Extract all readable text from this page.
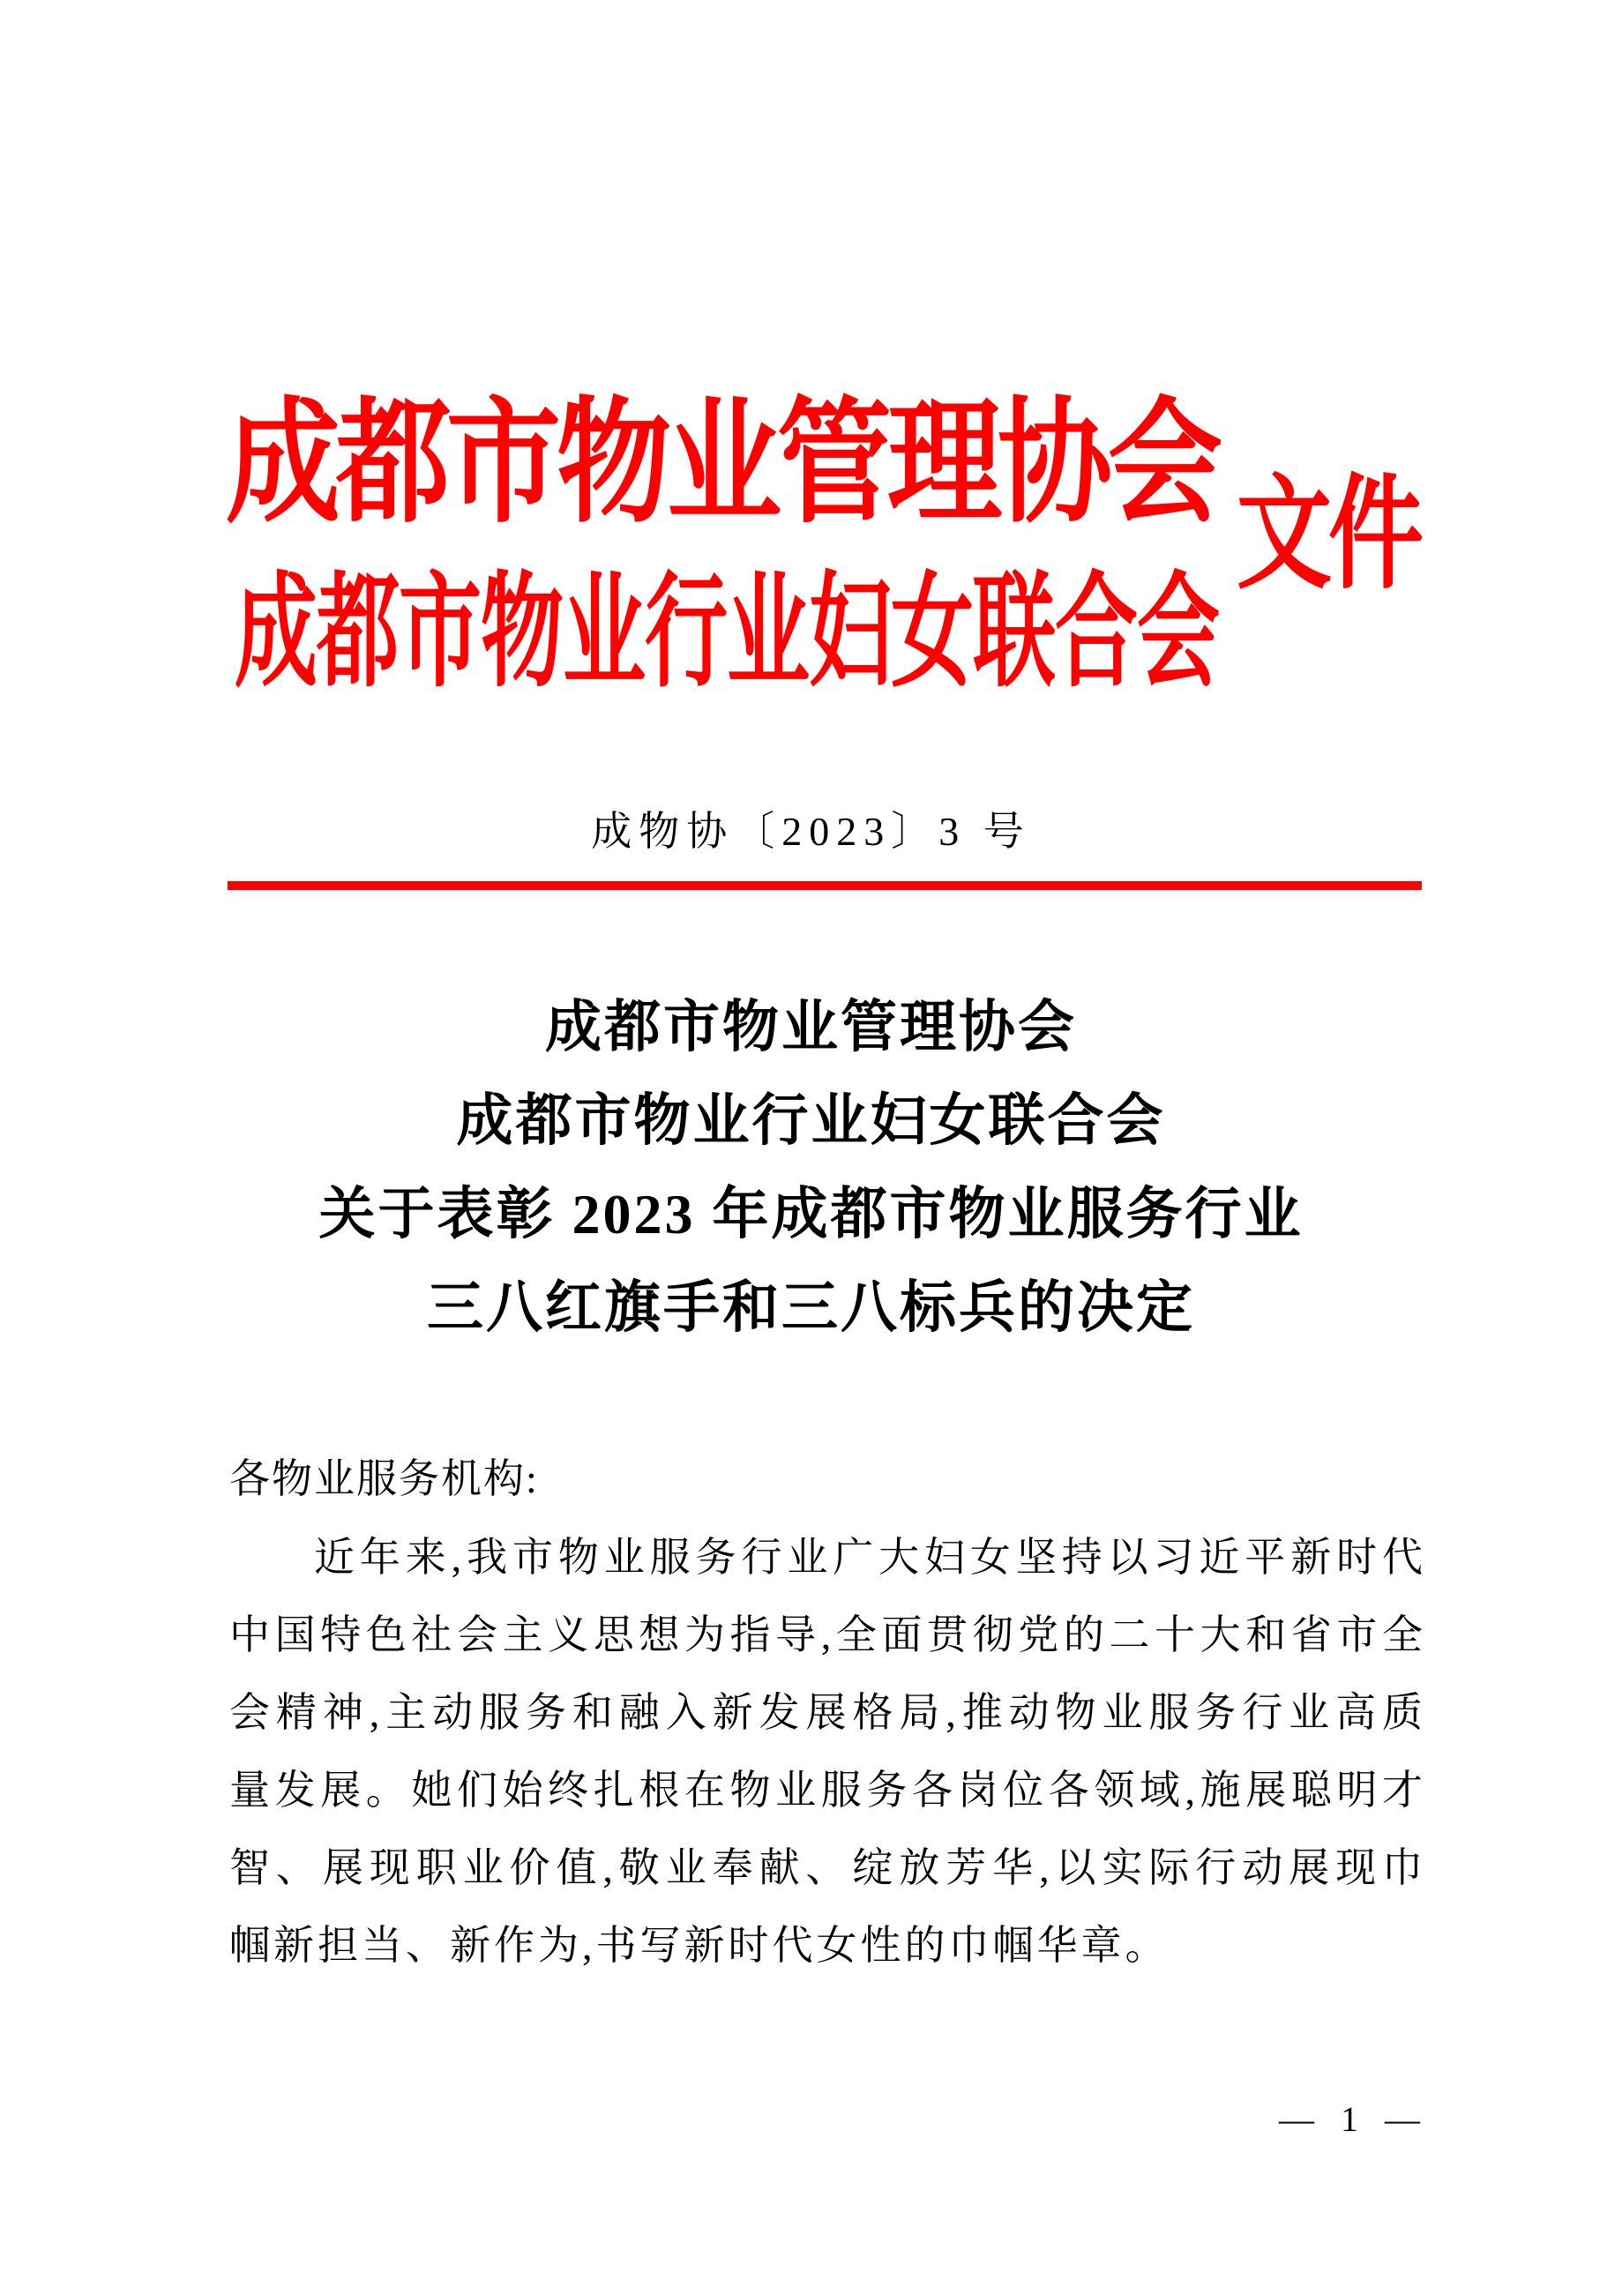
成都市物业管理协会
成都市物业行业妇女联合会
文件
成物协〔2023〕3 号
成都市物业管理协会
成都市物业行业妇女联合会
关于表彰 2023 年成都市物业服务行业
三八红旗手和三八标兵的决定
各物业服务机构:
近年来,我市物业服务行业广大妇女坚持以习近平新时代
中国特色社会主义思想为指导,全面贯彻党的二十大和省市全
会精神,主动服务和融入新发展格局,推动物业服务行业高质
量发展。她们始终扎根在物业服务各岗位各领域,施展聪明才
智、展现职业价值,敬业奉献、绽放芳华,以实际行动展现巾
帼新担当、新作为,书写新时代女性的巾帼华章。
— 1 —
